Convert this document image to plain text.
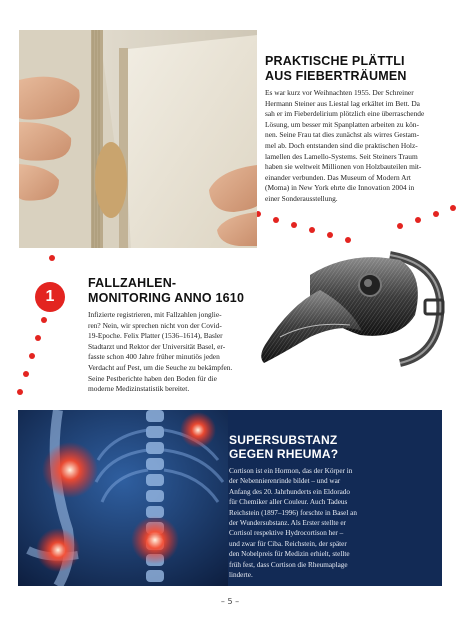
PRAKTISCHE PLÄTTLI
AUS FIEBERTRÄUMEN
Es war kurz vor Weihnachten 1955. Der Schreiner
Hermann Steiner aus Liestal lag erkältet im Bett. Da
sah er im Fieberdelirium plötzlich eine überraschende
Lösung, um besser mit Spanplatten arbeiten zu kön-
nen. Seine Frau tat dies zunächst als wirres Gestam-
mel ab. Doch entstanden sind die praktischen Holz-
lamellen des Lamello-Systems. Seit Steiners Traum
haben sie weltweit Millionen von Holzbauteilen mit-
einander verbunden. Das Museum of Modern Art
(Moma) in New York ehrte die Innovation 2004 in
einer Sonderausstellung.
1
FALLZAHLEN-
MONITORING ANNO 1610
Infizierte registrieren, mit Fallzahlen jonglie-
ren? Nein, wir sprechen nicht von der Covid-
19-Epoche. Felix Platter (1536–1614), Basler
Stadtarzt und Rektor der Universität Basel, er-
fasste schon 400 Jahre früher minutiös jeden
Verdacht auf Pest, um die Seuche zu bekämpfen.
Seine Pestberichte haben den Boden für die
moderne Medizinstatistik bereitet.
SUPERSUBSTANZ
GEGEN RHEUMA?
Cortison ist ein Hormon, das der Körper in
der Nebennierenrinde bildet – und war
Anfang des 20. Jahrhunderts ein Eldorado
für Chemiker aller Couleur. Auch Tadeus
Reichstein (1897–1996) forschte in Basel an
der Wundersubstanz. Als Erster stellte er
Cortisol respektive Hydrocortison her –
und zwar für Ciba. Reichstein, der später
den Nobelpreis für Medizin erhielt, stellte
früh fest, dass Cortison die Rheumaplage
linderte.
– 5 –
